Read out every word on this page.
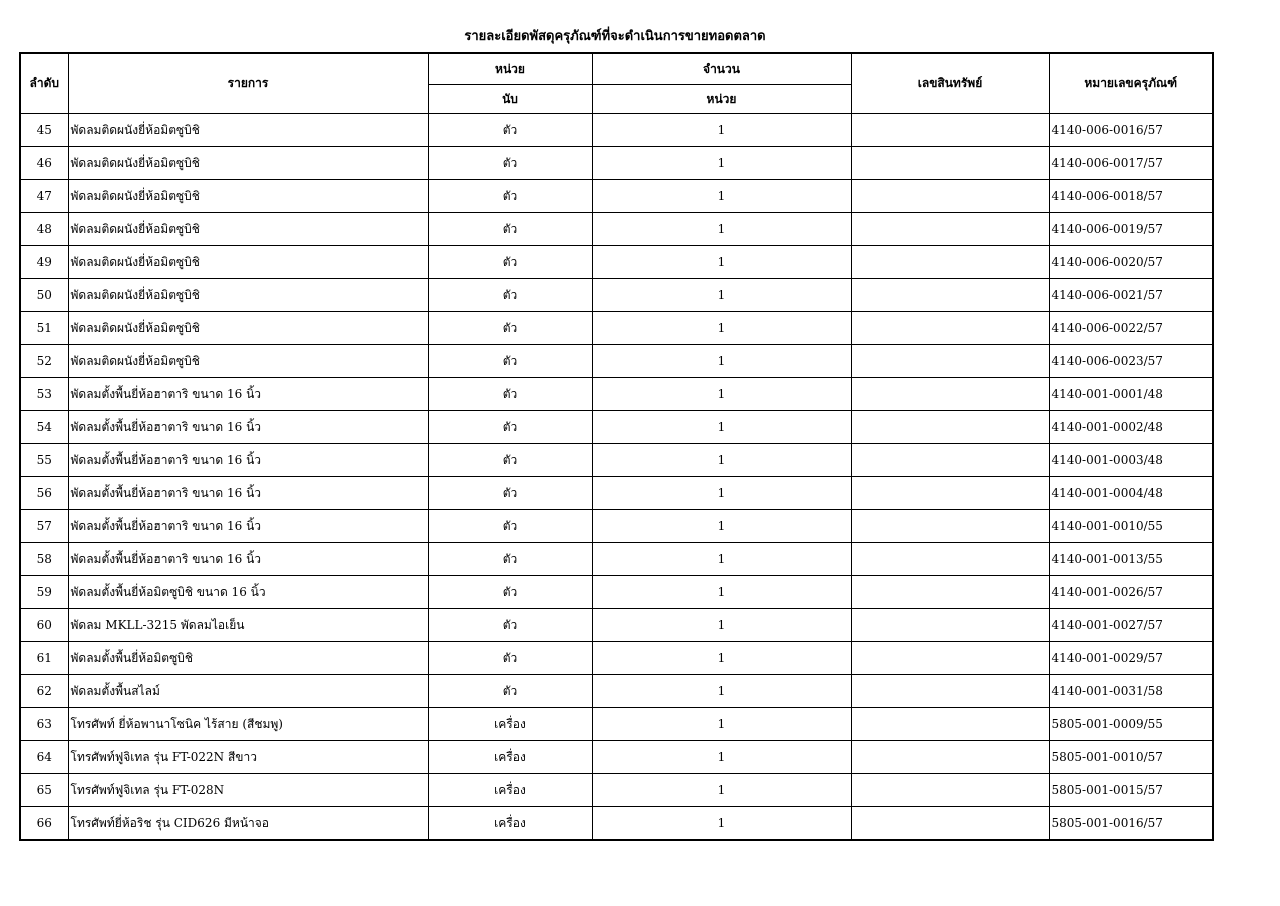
รายละเอียดพัสดุครุภัณฑ์ที่จะดำเนินการขายทอดตลาด
ลำดับ	รายการ	หน่วย	จำนวน	เลขสินทรัพย์	หมายเลขครุภัณฑ์
		นับ	หน่วย		
45	พัดลมติดผนังยี่ห้อมิตซูบิชิ	ตัว	1		4140-006-0016/57
46	พัดลมติดผนังยี่ห้อมิตซูบิชิ	ตัว	1		4140-006-0017/57
47	พัดลมติดผนังยี่ห้อมิตซูบิชิ	ตัว	1		4140-006-0018/57
48	พัดลมติดผนังยี่ห้อมิตซูบิชิ	ตัว	1		4140-006-0019/57
49	พัดลมติดผนังยี่ห้อมิตซูบิชิ	ตัว	1		4140-006-0020/57
50	พัดลมติดผนังยี่ห้อมิตซูบิชิ	ตัว	1		4140-006-0021/57
51	พัดลมติดผนังยี่ห้อมิตซูบิชิ	ตัว	1		4140-006-0022/57
52	พัดลมติดผนังยี่ห้อมิตซูบิชิ	ตัว	1		4140-006-0023/57
53	พัดลมตั้งพื้นยี่ห้อฮาตาริ ขนาด 16 นิ้ว	ตัว	1		4140-001-0001/48
54	พัดลมตั้งพื้นยี่ห้อฮาตาริ ขนาด 16 นิ้ว	ตัว	1		4140-001-0002/48
55	พัดลมตั้งพื้นยี่ห้อฮาตาริ ขนาด 16 นิ้ว	ตัว	1		4140-001-0003/48
56	พัดลมตั้งพื้นยี่ห้อฮาตาริ ขนาด 16 นิ้ว	ตัว	1		4140-001-0004/48
57	พัดลมตั้งพื้นยี่ห้อฮาตาริ ขนาด 16 นิ้ว	ตัว	1		4140-001-0010/55
58	พัดลมตั้งพื้นยี่ห้อฮาตาริ ขนาด 16 นิ้ว	ตัว	1		4140-001-0013/55
59	พัดลมตั้งพื้นยี่ห้อมิตซูบิชิ ขนาด 16 นิ้ว	ตัว	1		4140-001-0026/57
60	พัดลม MKLL-3215 พัดลมไอเย็น	ตัว	1		4140-001-0027/57
61	พัดลมตั้งพื้นยี่ห้อมิตซูบิชิ	ตัว	1		4140-001-0029/57
62	พัดลมตั้งพื้นสไลม์	ตัว	1		4140-001-0031/58
63	โทรศัพท์ ยี่ห้อพานาโซนิค ไร้สาย (สีชมพู)	เครื่อง	1		5805-001-0009/55
64	โทรศัพท์ฟูจิเทล รุ่น FT-022N สีขาว	เครื่อง	1		5805-001-0010/57
65	โทรศัพท์ฟูจิเทล รุ่น FT-028N	เครื่อง	1		5805-001-0015/57
66	โทรศัพท์ยี่ห้อริช รุ่น CID626 มีหน้าจอ	เครื่อง	1		5805-001-0016/57
